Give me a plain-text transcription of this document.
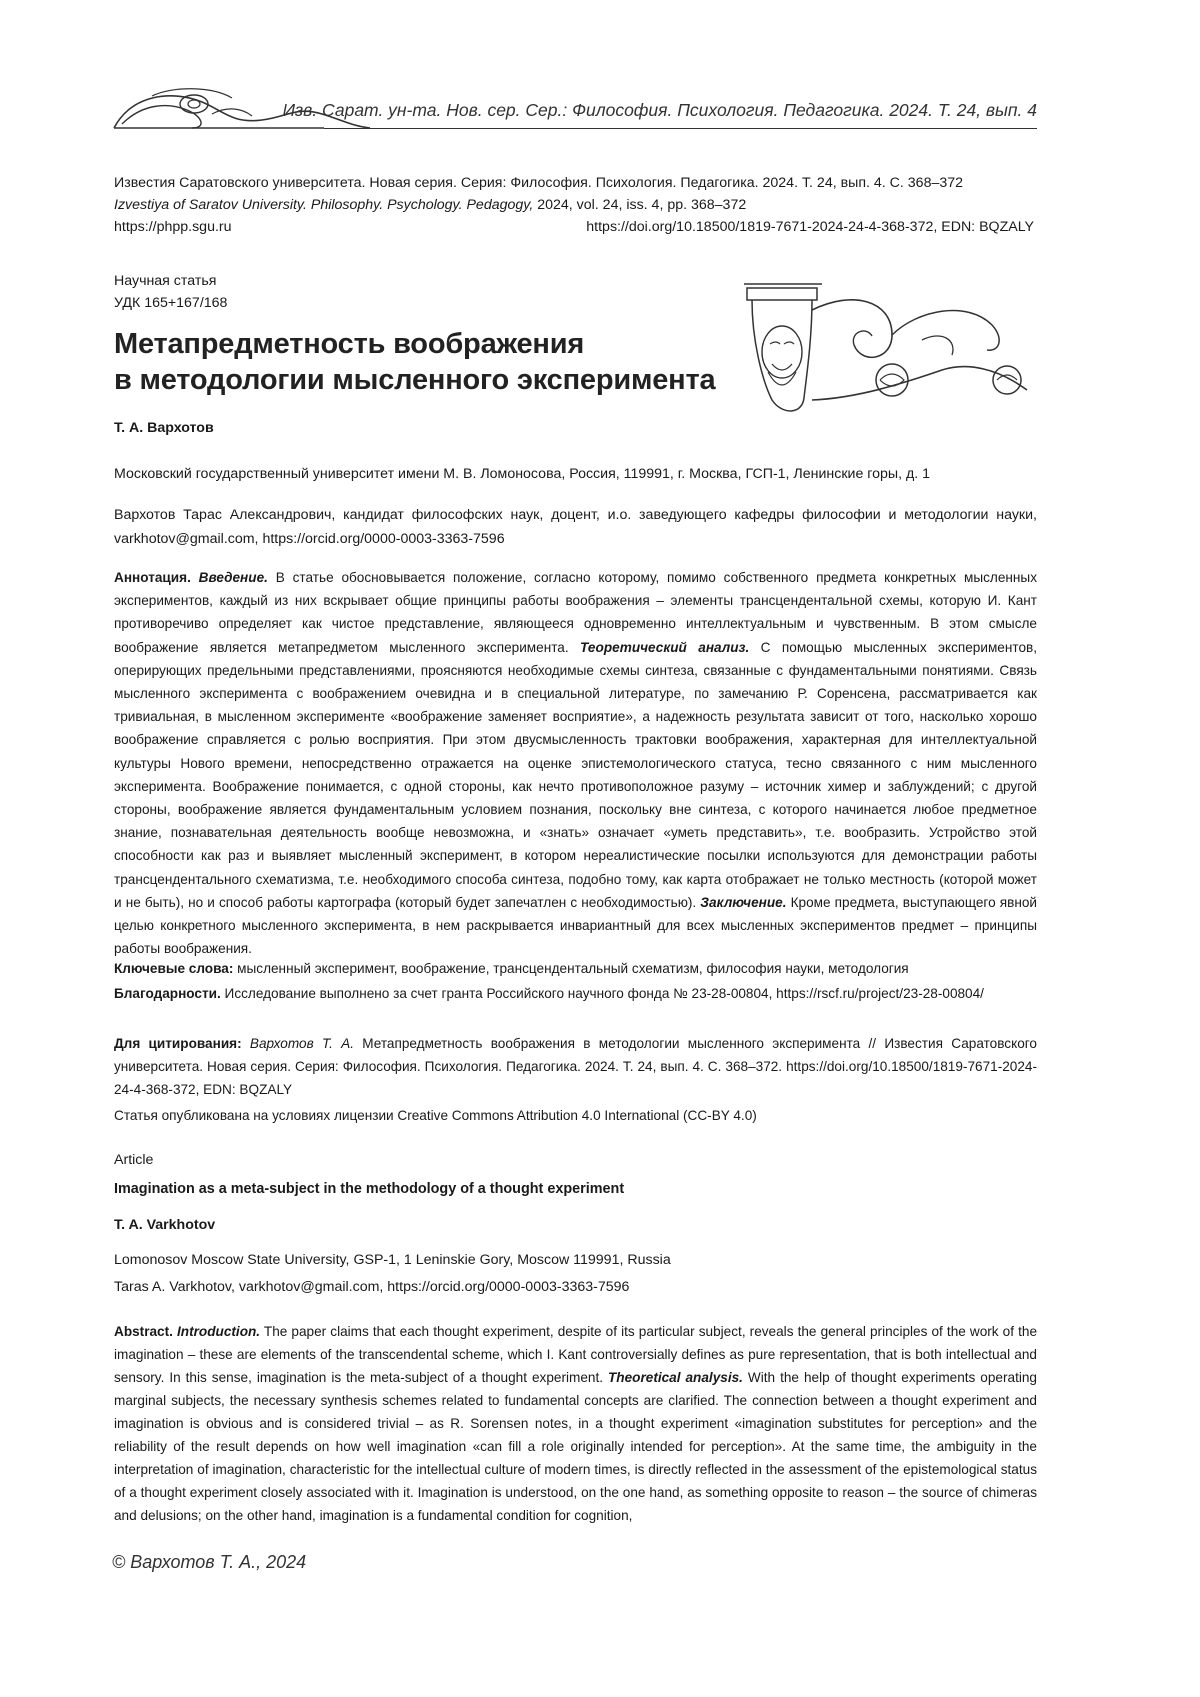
Изв. Сарат. ун-та. Нов. сер. Сер.: Философия. Психология. Педагогика. 2024. Т. 24, вып. 4
Известия Саратовского университета. Новая серия. Серия: Философия. Психология. Педагогика. 2024. Т. 24, вып. 4. С. 368–372
Izvestiya of Saratov University. Philosophy. Psychology. Pedagogy, 2024, vol. 24, iss. 4, pp. 368–372
https://phpp.sgu.ru	https://doi.org/10.18500/1819-7671-2024-24-4-368-372, EDN: BQZALY
Научная статья
УДК 165+167/168
Метапредметность воображения
в методологии мысленного эксперимента
Т. А. Вархотов
Московский государственный университет имени М. В. Ломоносова, Россия, 119991, г. Москва, ГСП-1, Ленинские горы, д. 1
Вархотов Тарас Александрович, кандидат философских наук, доцент, и.о. заведующего кафедры философии и методологии науки, varkhotov@gmail.com, https://orcid.org/0000-0003-3363-7596
Аннотация. Введение. В статье обосновывается положение, согласно которому, помимо собственного предмета конкретных мысленных экспериментов, каждый из них вскрывает общие принципы работы воображения – элементы трансцендентальной схемы, которую И. Кант противоречиво определяет как чистое представление, являющееся одновременно интеллектуальным и чувственным. В этом смысле воображение является метапредметом мысленного эксперимента. Теоретический анализ. С помощью мысленных экспериментов, оперирующих предельными представлениями, проясняются необходимые схемы синтеза, связанные с фундаментальными понятиями. Связь мысленного эксперимента с воображением очевидна и в специальной литературе, по замечанию Р. Соренсена, рассматривается как тривиальная, в мысленном эксперименте «воображение заменяет восприятие», а надежность результата зависит от того, насколько хорошо воображение справляется с ролью восприятия. При этом двусмысленность трактовки воображения, характерная для интеллектуальной культуры Нового времени, непосредственно отражается на оценке эпистемологического статуса, тесно связанного с ним мысленного эксперимента. Воображение понимается, с одной стороны, как нечто противоположное разуму – источник химер и заблуждений; с другой стороны, воображение является фундаментальным условием познания, поскольку вне синтеза, с которого начинается любое предметное знание, познавательная деятельность вообще невозможна, и «знать» означает «уметь представить», т.е. вообразить. Устройство этой способности как раз и выявляет мысленный эксперимент, в котором нереалистические посылки используются для демонстрации работы трансцендентального схематизма, т.е. необходимого способа синтеза, подобно тому, как карта отображает не только местность (которой может и не быть), но и способ работы картографа (который будет запечатлен с необходимостью). Заключение. Кроме предмета, выступающего явной целью конкретного мысленного эксперимента, в нем раскрывается инвариантный для всех мысленных экспериментов предмет – принципы работы воображения.
Ключевые слова: мысленный эксперимент, воображение, трансцендентальный схематизм, философия науки, методология
Благодарности. Исследование выполнено за счет гранта Российского научного фонда № 23-28-00804, https://rscf.ru/project/23-28-00804/
Для цитирования: Вархотов Т. А. Метапредметность воображения в методологии мысленного эксперимента // Известия Саратовского университета. Новая серия. Серия: Философия. Психология. Педагогика. 2024. Т. 24, вып. 4. С. 368–372. https://doi.org/10.18500/1819-7671-2024-24-4-368-372, EDN: BQZALY
Статья опубликована на условиях лицензии Creative Commons Attribution 4.0 International (CC-BY 4.0)
Article
Imagination as a meta-subject in the methodology of a thought experiment
T. A. Varkhotov
Lomonosov Moscow State University, GSP-1, 1 Leninskie Gory, Moscow 119991, Russia
Taras A. Varkhotov, varkhotov@gmail.com, https://orcid.org/0000-0003-3363-7596
Abstract. Introduction. The paper claims that each thought experiment, despite of its particular subject, reveals the general principles of the work of the imagination – these are elements of the transcendental scheme, which I. Kant controversially defines as pure representation, that is both intellectual and sensory. In this sense, imagination is the meta-subject of a thought experiment. Theoretical analysis. With the help of thought experiments operating marginal subjects, the necessary synthesis schemes related to fundamental concepts are clarified. The connection between a thought experiment and imagination is obvious and is considered trivial – as R. Sorensen notes, in a thought experiment «imagination substitutes for perception» and the reliability of the result depends on how well imagination «can fill a role originally intended for perception». At the same time, the ambiguity in the interpretation of imagination, characteristic for the intellectual culture of modern times, is directly reflected in the assessment of the epistemological status of a thought experiment closely associated with it. Imagination is understood, on the one hand, as something opposite to reason – the source of chimeras and delusions; on the other hand, imagination is a fundamental condition for cognition,
© Вархотов Т. А., 2024
